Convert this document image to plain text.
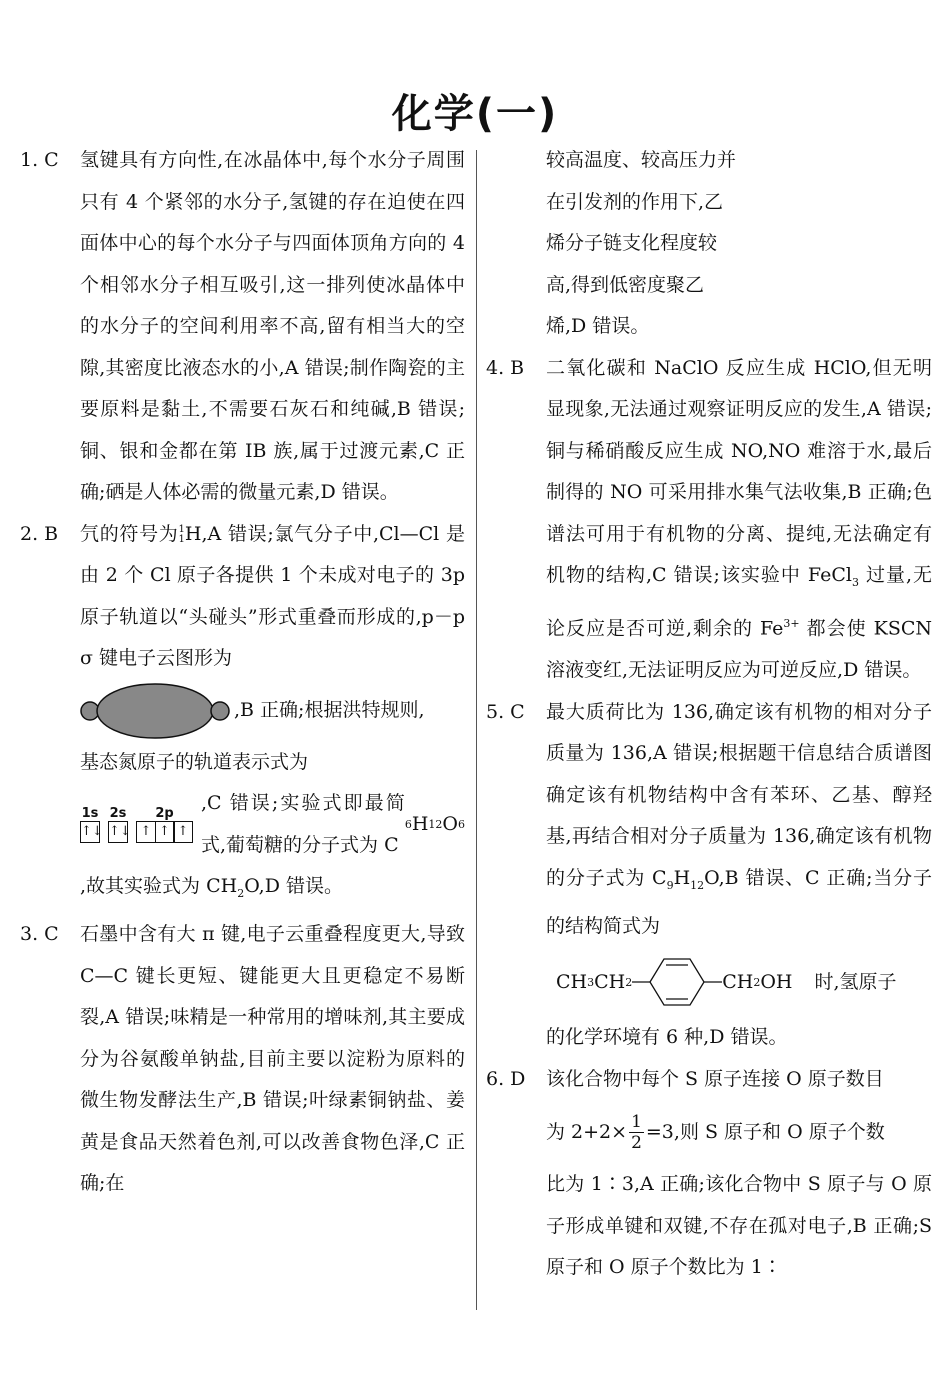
化学(一)
1. C	氢键具有方向性,在冰晶体中,每个水分子周围只有 4 个紧邻的水分子,氢键的存在迫使在四面体中心的每个水分子与四面体顶角方向的 4 个相邻水分子相互吸引,这一排列使冰晶体中的水分子的空间利用率不高,留有相当大的空隙,其密度比液态水的小,A 错误;制作陶瓷的主要原料是黏土,不需要石灰石和纯碱,B 错误;铜、银和金都在第 IB 族,属于过渡元素,C 正确;硒是人体必需的微量元素,D 错误。
2. B	氕的符号为 1
1 H,A 错误;氯气分子中,Cl—Cl 是由 2 个 Cl 原子各提供 1 个未成对电子的 3p 原子轨道以“头碰头”形式重叠而形成的,p－p σ 键电子云图形为
,B 正确;根据洪特规则,
基态氮原子的轨道表示式为
1s
↑↓
2s
↑↓
2p
↑ ↑ ↑
,C 错误;实验式即最简式,葡萄糖的分子式为 C
6 H 12 O 6
,故其实验式为 $CH_2O,D$ 错误。
3. C	石墨中含有大 π 键,电子云重叠程度更大,导致 C—C 键长更短、键能更大且更稳定不易断裂,A 错误;味精是一种常用的增味剂,其主要成分为谷氨酸单钠盐,目前主要以淀粉为原料的微生物发酵法生产,B 错误;叶绿素铜钠盐、姜黄是食品天然着色剂,可以改善食物色泽,C 正确;在
较高温度、较高压力并
在引发剂的作用下,乙
烯分子链支化程度较
高,得到低密度聚乙
烯,D 错误。
4. B	二氧化碳和 NaClO 反应生成 HClO,但无明显现象,无法通过观察证明反应的发生,A 错误;铜与稀硝酸反应生成 NO,NO 难溶于水,最后制得的 NO 可采用排水集气法收集,B 正确;色谱法可用于有机物的分离、提纯,无法确定有机物的结构,C 错误;该实验中 FeCl$_3$ 过量,无论反应是否可逆,剩余的 $Fe^{3+}$ 都会使 KSCN 溶液变红,无法证明反应为可逆反应,D 错误。
5. C	最大质荷比为 136,确定该有机物的相对分子质量为 136,A 错误;根据题干信息结合质谱图确定该有机物结构中含有苯环、乙基、醇羟基,再结合相对分子质量为 136,确定该有机物的分子式为 $C_9H_{12}O,B$ 错误、C 正确;当分子的结构简式为
CH 3 CH 2	CH 2 OH 时,氢原子
的化学环境有 6 种,D 错误。
6. D	该化合物中每个 S 原子连接 O 原子数目
为 $2+2\times \frac{1}{2} =3$,则 S 原子和 O 原子个数
比为 1∶3,A 正确;该化合物中 S 原子与 O 原子形成单键和双键,不存在孤对电子,B 正确;S 原子和 O 原子个数比为 1∶
